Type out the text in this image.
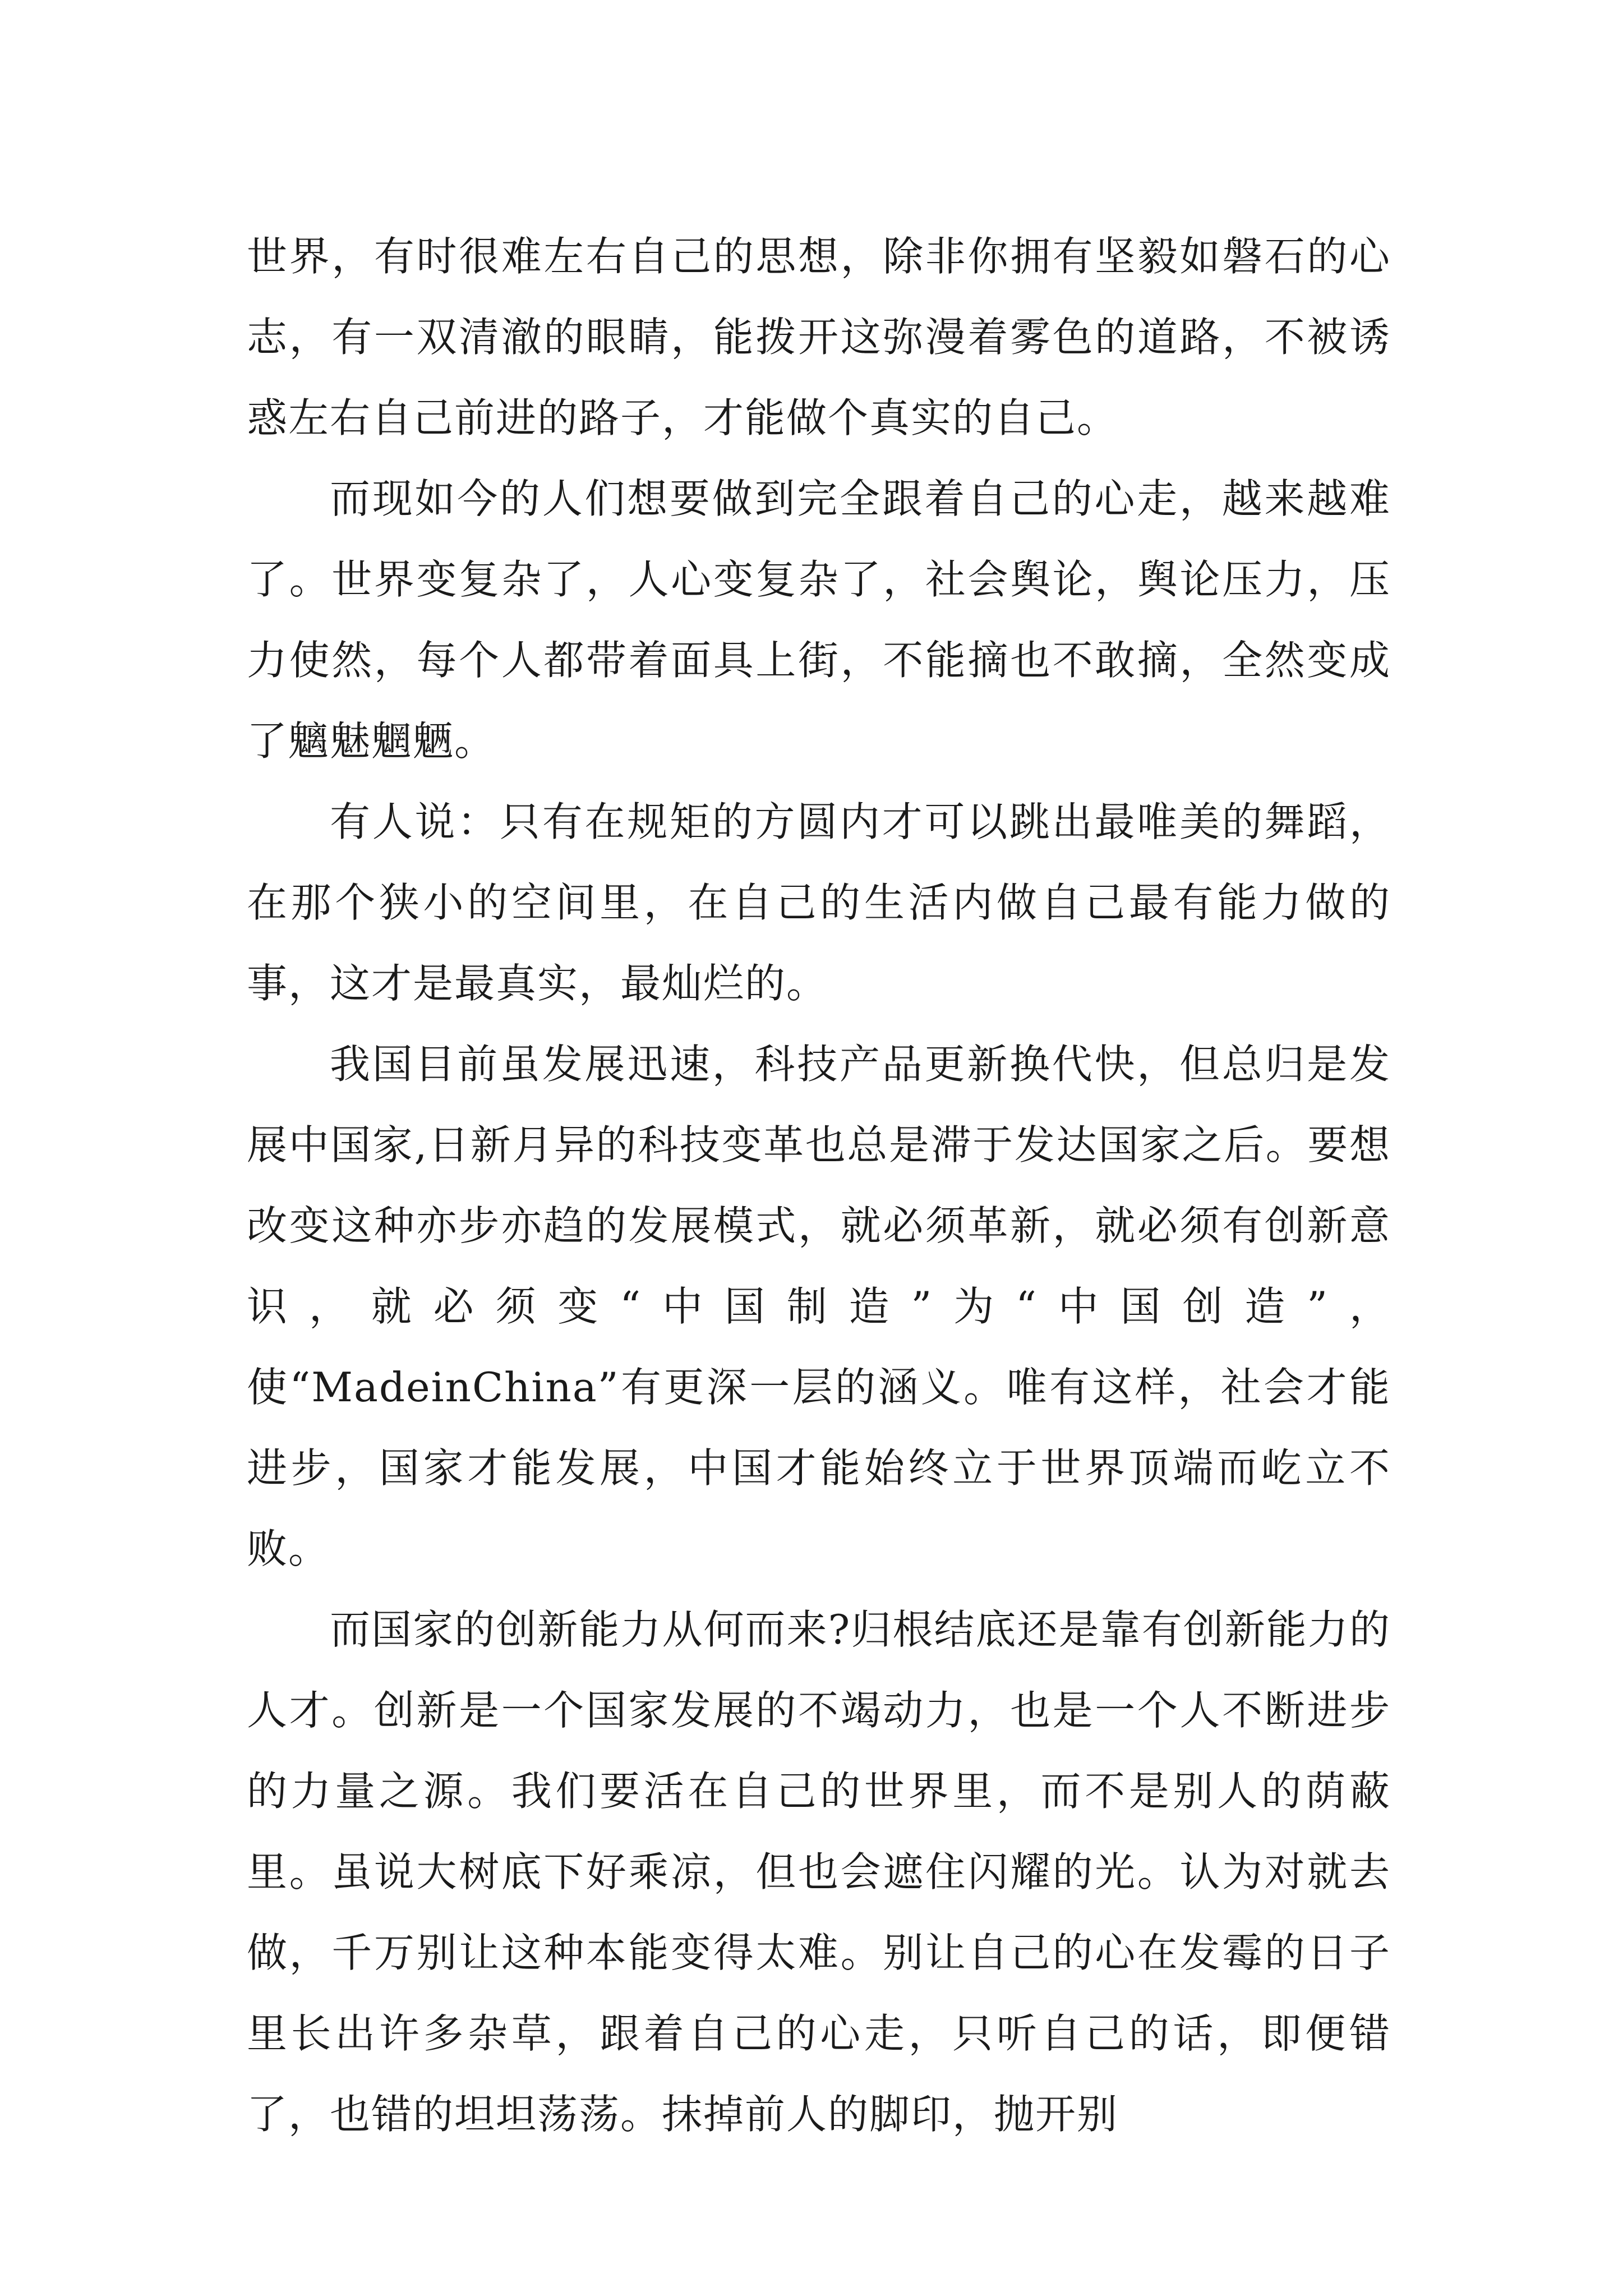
世界，有时很难左右自己的思想，除非你拥有坚毅如磐石的心志，有一双清澈的眼睛，能拨开这弥漫着雾色的道路，不被诱惑左右自己前进的路子，才能做个真实的自己。

而现如今的人们想要做到完全跟着自己的心走，越来越难了。世界变复杂了，人心变复杂了，社会舆论，舆论压力，压力使然，每个人都带着面具上街，不能摘也不敢摘，全然变成了魑魅魍魉。

有人说：只有在规矩的方圆内才可以跳出最唯美的舞蹈，在那个狭小的空间里，在自己的生活内做自己最有能力做的事，这才是最真实，最灿烂的。

我国目前虽发展迅速，科技产品更新换代快，但总归是发展中国家,日新月异的科技变革也总是滞于发达国家之后。要想改变这种亦步亦趋的发展模式，就必须革新，就必须有创新意识，就必须变“中国制造”为“中国创造”，使“MadeinChina”有更深一层的涵义。唯有这样，社会才能进步，国家才能发展，中国才能始终立于世界顶端而屹立不败。

而国家的创新能力从何而来?归根结底还是靠有创新能力的人才。创新是一个国家发展的不竭动力，也是一个人不断进步的力量之源。我们要活在自己的世界里，而不是别人的荫蔽里。虽说大树底下好乘凉，但也会遮住闪耀的光。认为对就去做，千万别让这种本能变得太难。别让自己的心在发霉的日子里长出许多杂草，跟着自己的心走，只听自己的话，即便错了，也错的坦坦荡荡。抹掉前人的脚印，抛开别
